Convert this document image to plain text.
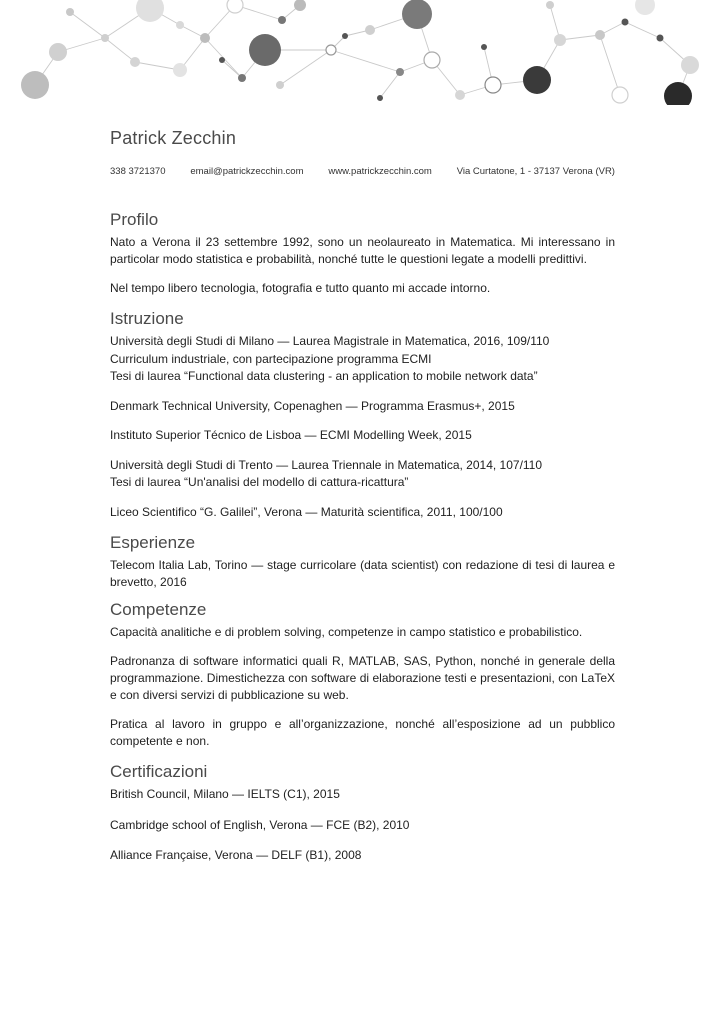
Patrick Zecchin
338 3721370	email@patrickzecchin.com	www.patrickzecchin.com	Via Curtatone, 1 - 37137 Verona (VR)
Profilo

Nato a Verona il 23 settembre 1992, sono un neolaureato in Matematica. Mi interessano in particolar modo statistica e probabilità, nonché tutte le questioni legate a modelli predittivi.

Nel tempo libero tecnologia, fotografia e tutto quanto mi accade intorno.

Istruzione
Università degli Studi di Milano — Laurea Magistrale in Matematica, 2016, 109/110
Curriculum industriale, con partecipazione programma ECMI
Tesi di laurea “Functional data clustering - an application to mobile network data”
Denmark Technical University, Copenaghen — Programma Erasmus+, 2015
Instituto Superior Técnico de Lisboa — ECMI Modelling Week, 2015
Università degli Studi di Trento — Laurea Triennale in Matematica, 2014, 107/110
Tesi di laurea “Un'analisi del modello di cattura-ricattura”
Liceo Scientifico “G. Galilei”, Verona — Maturità scientifica, 2011, 100/100
Esperienze

Telecom Italia Lab, Torino — stage curricolare (data scientist) con redazione di tesi di laurea e brevetto, 2016

Competenze

Capacità analitiche e di problem solving, competenze in campo statistico e probabilistico.

Padronanza di software informatici quali R, MATLAB, SAS, Python, nonché in generale della programmazione. Dimestichezza con software di elaborazione testi e presentazioni, con LaTeX e con diversi servizi di pubblicazione su web.

Pratica al lavoro in gruppo e all’organizzazione, nonché all’esposizione ad un pubblico competente e non.

Certificazioni
British Council, Milano — IELTS (C1), 2015
Cambridge school of English, Verona — FCE (B2), 2010
Alliance Française, Verona — DELF (B1), 2008
